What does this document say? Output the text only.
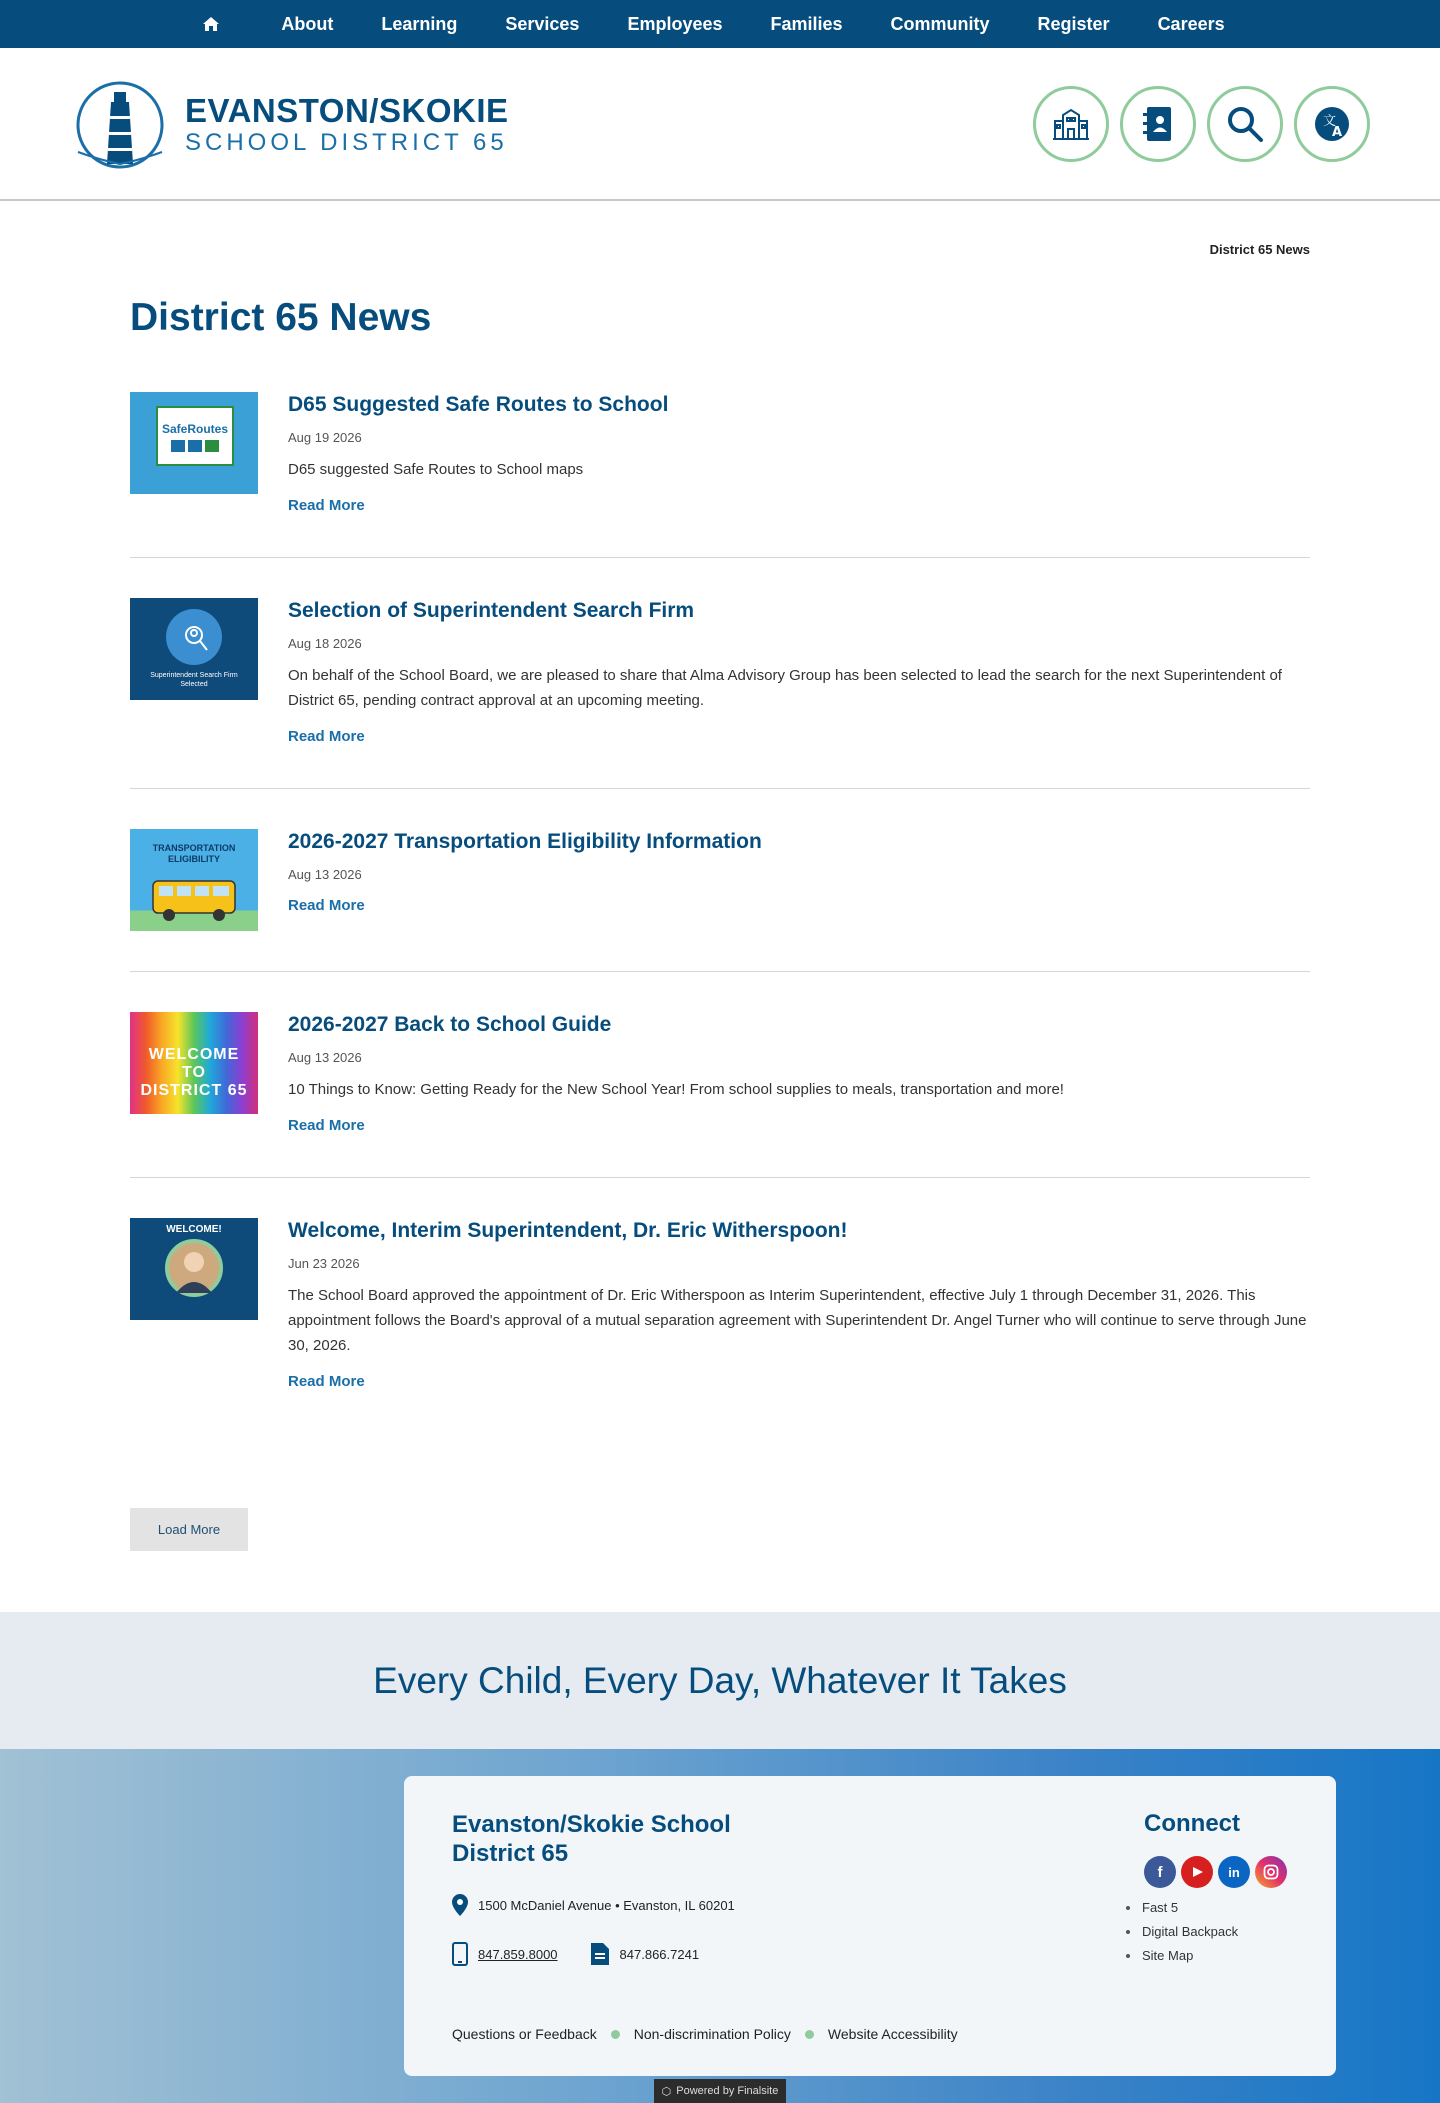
About	Learning	Services	Employees	Families	Community	Register	Careers
EVANSTON/SKOKIE
SCHOOL DISTRICT 65
文
A
District 65 News
District 65 News
SafeRoutes
D65 Suggested Safe Routes to School
Aug 19 2026
D65 suggested Safe Routes to School maps
Read More
Superintendent Search Firm Selected
Selection of Superintendent Search Firm
Aug 18 2026
On behalf of the School Board, we are pleased to share that Alma Advisory Group has been selected to lead the search for the next Superintendent of District 65, pending contract approval at an upcoming meeting.
Read More
TRANSPORTATION ELIGIBILITY
2026-2027 Transportation Eligibility Information
Aug 13 2026
Read More
WELCOME TO DISTRICT 65
2026-2027 Back to School Guide
Aug 13 2026
10 Things to Know: Getting Ready for the New School Year! From school supplies to meals, transportation and more!
Read More
WELCOME!	Welcome, Interim Superintendent, Dr. Eric Witherspoon!
Jun 23 2026
The School Board approved the appointment of Dr. Eric Witherspoon as Interim Superintendent, effective July 1 through December 31, 2026. This appointment follows the Board's approval of a mutual separation agreement with Superintendent Dr. Angel Turner who will continue to serve through June 30, 2026.
Read More
Load More
Every Child, Every Day, Whatever It Takes
Evanston/Skokie School District 65
1500 McDaniel Avenue • Evanston, IL 60201
847.859.8000	847.866.7241
Connect
f	in
Fast 5
Digital Backpack
Site Map
Questions or Feedback	Non-discrimination Policy	Website Accessibility
⬡ Powered by Finalsite
